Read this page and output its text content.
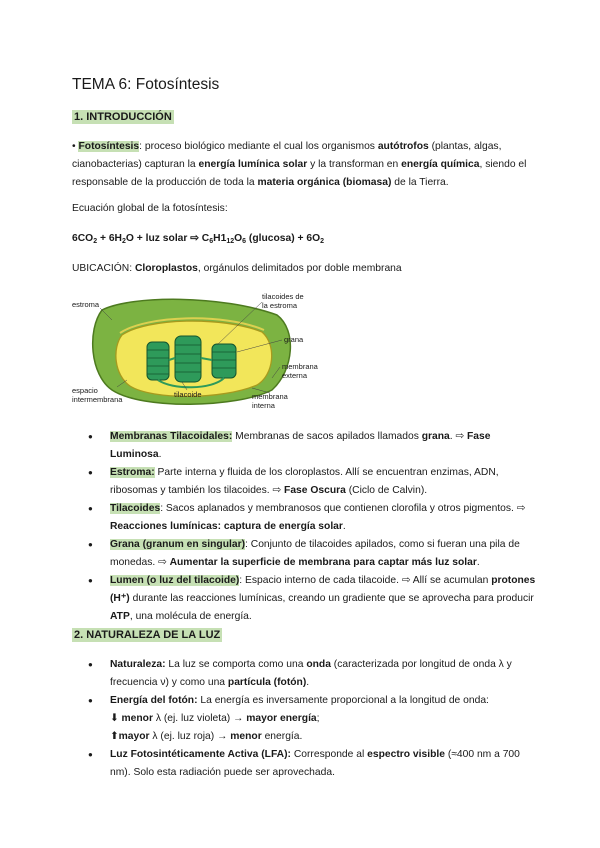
TEMA 6: Fotosíntesis
1. INTRODUCCIÓN
• Fotosíntesis: proceso biológico mediante el cual los organismos autótrofos (plantas, algas, cianobacterias) capturan la energía lumínica solar y la transforman en energía química, siendo el responsable de la producción de toda la materia orgánica (biomasa) de la Tierra.
Ecuación global de la fotosíntesis:
$6CO_2 + 6H_2O$ + luz solar ⇨ $C_6H1_{12}O_6$ $(glucosa) + 6O_2$
UBICACIÓN: Cloroplastos, orgánulos delimitados por doble membrana
estroma
tilacoides de
la estroma
grana
membrana
externa
espacio
intermembrana
tilacoide	membrana
interna
● Membranas Tilacoidales: Membranas de sacos apilados llamados grana. ⇨ Fase Luminosa.
● Estroma: Parte interna y fluida de los cloroplastos. Allí se encuentran enzimas, ADN, ribosomas y también los tilacoides. ⇨ Fase Oscura (Ciclo de Calvin).
● Tilacoides: Sacos aplanados y membranosos que contienen clorofila y otros pigmentos. ⇨ Reacciones lumínicas: captura de energía solar.
● Grana (granum en singular): Conjunto de tilacoides apilados, como si fueran una pila de monedas. ⇨ Aumentar la superficie de membrana para captar más luz solar.
● Lumen (o luz del tilacoide): Espacio interno de cada tilacoide. ⇨ Allí se acumulan protones (H⁺) durante las reacciones lumínicas, creando un gradiente que se aprovecha para producir ATP, una molécula de energía.
2. NATURALEZA DE LA LUZ
● Naturaleza: La luz se comporta como una onda (caracterizada por longitud de onda λ y frecuencia ν) y como una partícula (fotón).
● Energía del fotón: La energía es inversamente proporcional a la longitud de onda:
⬇ menor λ (ej. luz violeta) → mayor energía;
⬆mayor λ (ej. luz roja) → menor energía.
● Luz Fotosintéticamente Activa (LFA): Corresponde al espectro visible (≈400 nm a 700 nm). Solo esta radiación puede ser aprovechada.
